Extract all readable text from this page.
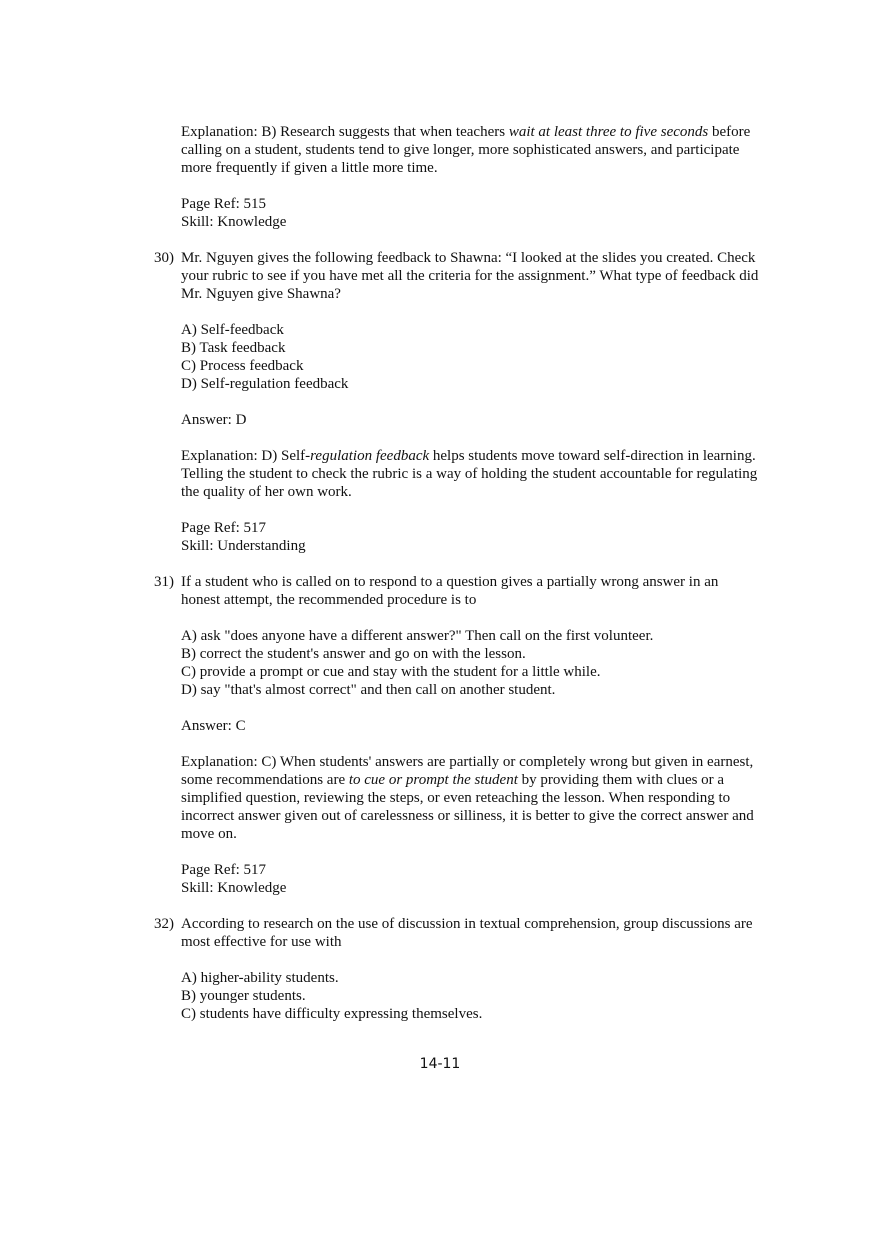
Explanation: B) Research suggests that when teachers wait at least three to five seconds before calling on a student, students tend to give longer, more sophisticated answers, and participate more frequently if given a little more time.

Page Ref: 515

Skill: Knowledge

30) Mr. Nguyen gives the following feedback to Shawna: “I looked at the slides you created. Check your rubric to see if you have met all the criteria for the assignment.” What type of feedback did Mr. Nguyen give Shawna?

A) Self-feedback

B) Task feedback

C) Process feedback

D) Self-regulation feedback

Answer: D

Explanation: D) Self-regulation feedback helps students move toward self-direction in learning. Telling the student to check the rubric is a way of holding the student accountable for regulating the quality of her own work.

Page Ref: 517

Skill: Understanding

31) If a student who is called on to respond to a question gives a partially wrong answer in an honest attempt, the recommended procedure is to

A) ask "does anyone have a different answer?" Then call on the first volunteer.

B) correct the student's answer and go on with the lesson.

C) provide a prompt or cue and stay with the student for a little while.

D) say "that's almost correct" and then call on another student.

Answer: C

Explanation: C) When students' answers are partially or completely wrong but given in earnest, some recommendations are to cue or prompt the student by providing them with clues or a simplified question, reviewing the steps, or even reteaching the lesson. When responding to incorrect answer given out of carelessness or silliness, it is better to give the correct answer and move on.

Page Ref: 517

Skill: Knowledge

32) According to research on the use of discussion in textual comprehension, group discussions are most effective for use with

A) higher-ability students.

B) younger students.

C) students have difficulty expressing themselves.

14-11
